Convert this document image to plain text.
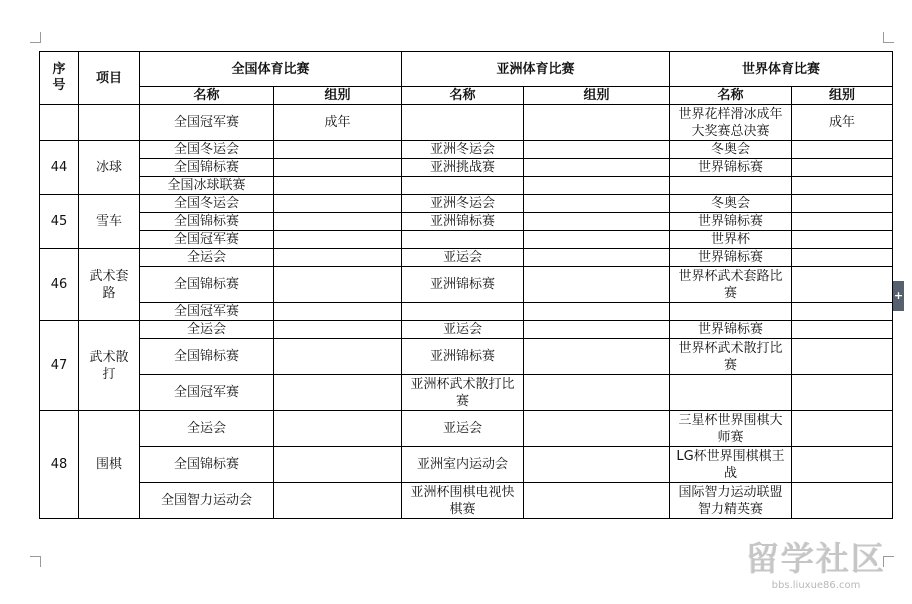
序号	项目	全国体育比赛		亚洲体育比赛		世界体育比赛	
		名称	组别	名称	组别	名称	组别
		全国冠军赛	成年			世界花样滑冰成年大奖赛总决赛	成年
44	冰球	全国冬运会		亚洲冬运会		冬奥会	
		全国锦标赛		亚洲挑战赛		世界锦标赛	
		全国冰球联赛					
45	雪车	全国冬运会		亚洲冬运会		冬奥会	
		全国锦标赛		亚洲锦标赛		世界锦标赛	
		全国冠军赛				世界杯	
46	武术套路	全运会		亚运会		世界锦标赛	
		全国锦标赛		亚洲锦标赛		世界杯武术套路比赛	
		全国冠军赛					
47	武术散打	全运会		亚运会		世界锦标赛	
		全国锦标赛		亚洲锦标赛		世界杯武术散打比赛	
		全国冠军赛		亚洲杯武术散打比赛			
48	围棋	全运会		亚运会		三星杯世界围棋大师赛	
		全国锦标赛		亚洲室内运动会		LG杯世界围棋棋王战	
		全国智力运动会		亚洲杯围棋电视快棋赛		国际智力运动联盟智力精英赛	
+
留学社区
bbs.liuxue86.com
